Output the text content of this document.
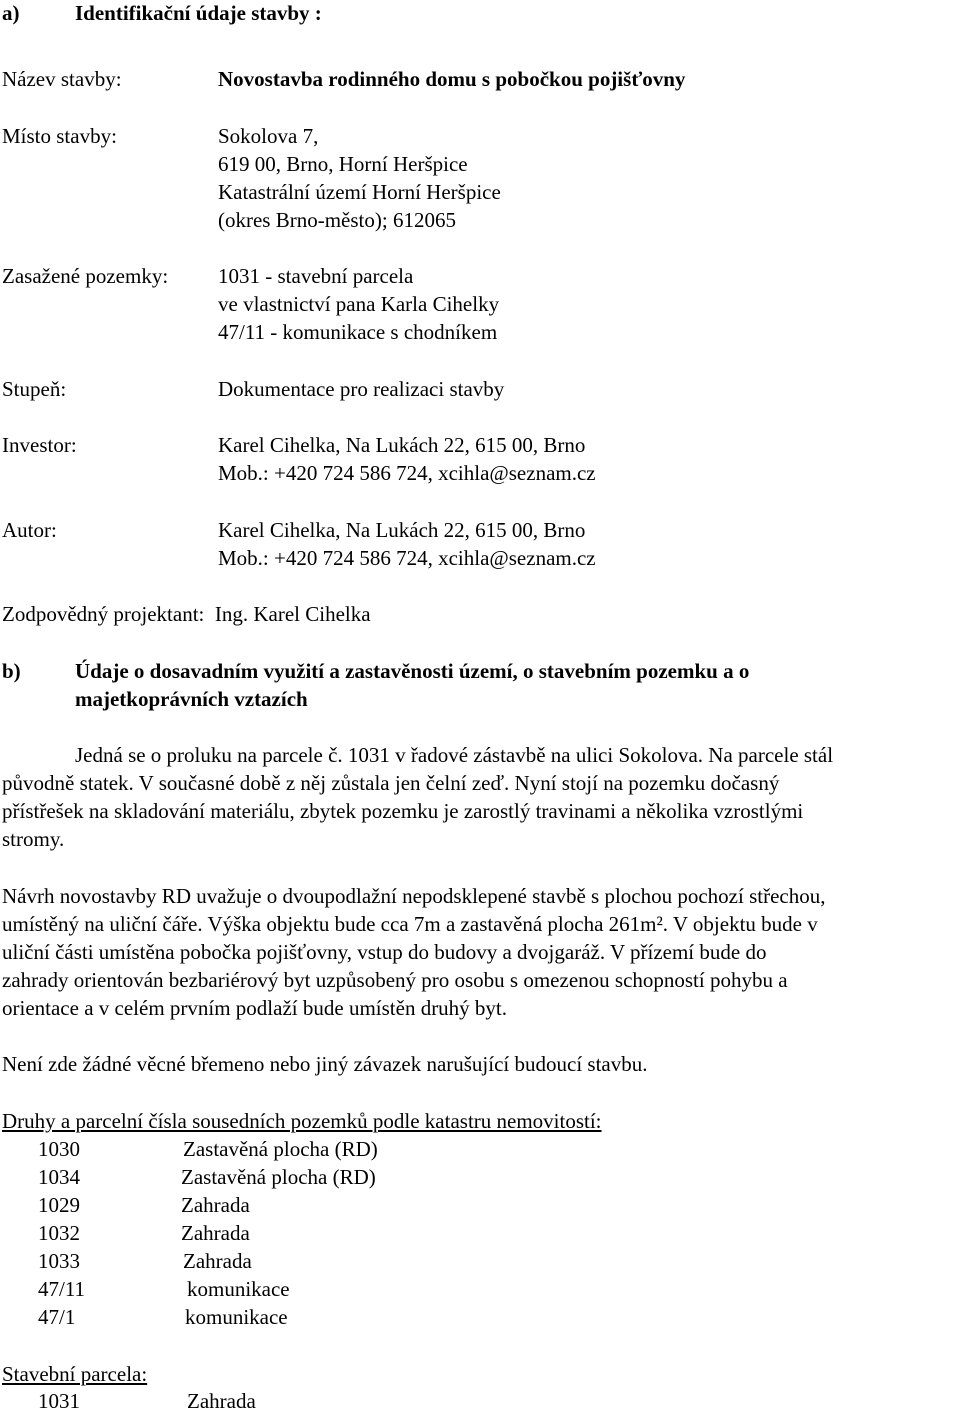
a)	Identifikační údaje stavby :
Název stavby:	Novostavba rodinného domu s pobočkou pojišťovny
Místo stavby:	Sokolova 7,
619 00, Brno, Horní Heršpice
Katastrální území Horní Heršpice
(okres Brno-město); 612065
Zasažené pozemky: 1031 - stavební parcela
ve vlastnictví pana Karla Cihelky
47/11 - komunikace s chodníkem
Stupeň:	Dokumentace pro realizaci stavby
Investor:	Karel Cihelka, Na Lukách 22, 615 00, Brno
Mob.: +420 724 586 724, xcihla@seznam.cz
Autor:	Karel Cihelka, Na Lukách 22, 615 00, Brno
Mob.: +420 724 586 724, xcihla@seznam.cz
Zodpovědný projektant:  Ing. Karel Cihelka
b)	Údaje o dosavadním využití a zastavěnosti území, o stavebním pozemku a o
majetkoprávních vztazích
Jedná se o proluku na parcele č. 1031 v řadové zástavbě na ulici Sokolova. Na parcele stál
původně statek. V současné době z něj zůstala jen čelní zeď. Nyní stojí na pozemku dočasný
přístřešek na skladování materiálu, zbytek pozemku je zarostlý travinami a několika vzrostlými
stromy.
Návrh novostavby RD uvažuje o dvoupodlažní nepodsklepené stavbě s plochou pochozí střechou,
umístěný na uliční čáře. Výška objektu bude cca 7m a zastavěná plocha 261m². V objektu bude v
uliční části umístěna pobočka pojišťovny, vstup do budovy a dvojgaráž. V přízemí bude do
zahrady orientován bezbariérový byt uzpůsobený pro osobu s omezenou schopností pohybu a
orientace a v celém prvním podlaží bude umístěn druhý byt.
Není zde žádné věcné břemeno nebo jiný závazek narušující budoucí stavbu.
Druhy a parcelní čísla sousedních pozemků podle katastru nemovitostí:
1030	Zastavěná plocha (RD)
1034	Zastavěná plocha (RD)
1029	Zahrada
1032	Zahrada
1033	Zahrada
47/11	komunikace
47/1	komunikace
Stavební parcela:
1031	Zahrada
